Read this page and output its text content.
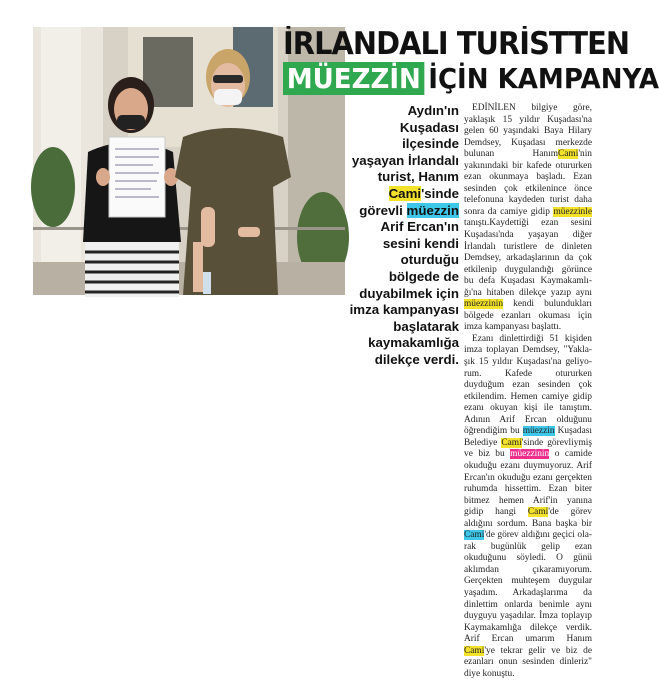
İRLANDALI TURİSTTEN
MÜEZZİN İÇİN KAMPANYA

Aydın'ın Kuşadası ilçesinde yaşayan İrlandalı turist, Hanım Cami'sinde görevli müezzin Arif Ercan'ın sesini kendi oturduğu bölgede de duyabilmek için imza kampanyası başlatarak kaymakamlığa dilekçe verdi.

EDİNİLEN bilgiye göre, yaklaşık 15 yıldır Kuşadası'na gelen 60 yaşındaki Baya Hilary Demdsey, Kuşadası merkezde bulunan HanımCami'nin yakınındaki bir kafede otururken ezan okunmaya başladı. Ezan sesinden çok etkilenince önce telefonuna kaydeden turist daha sonra da camiye gidip müezzinle tanıştı.Kaydettiği ezan sesini Kuşadası'nda yaşayan diğer İrlandalı turistlere de dinleten Demdsey, arkadaşlarının da çok etkilenip duygulandığı görünce bu defa Kuşadası Kaymakamlığı'na hitaben dilekçe yazıp aynı müezzinin kendi bulundukları bölgede ezanları okuması için imza kampanyası başlattı.

Ezanı dinlettirdiği 51 kişiden imza toplayan Demdsey, "Yaklaşık 15 yıldır Kuşadası'na geliyorum. Kafede otururken duyduğum ezan sesinden çok etkilendim. Hemen camiye gidip ezanı okuyan kişi ile tanıştım. Adının Arif Ercan olduğunu öğrendiğim bu müezzin Kuşadası Belediye Cami'sinde görevliymiş ve biz bu müezzinin o camide okuduğu ezanı duymuyoruz. Arif Ercan'ın okuduğu ezanı gerçekten ruhumda hissettim. Ezan biter bitmez hemen Arif'in yanına gidip hangi Cami'de görev aldığını sordum. Bana başka bir Cami'de görev aldığını geçici olarak bugünlük gelip ezan okuduğunu söyledi. O günü aklımdan çıkaramıyorum. Gerçekten muhteşem duygular yaşadım. Arkadaşlarıma da dinlettim onlarda benimle aynı duyguyu yaşadılar. İmza toplayıp Kaymakamlığa dilekçe verdik. Arif Ercan umarım Hanım Cami'ye tekrar gelir ve biz de ezanları onun sesinden dinleriz" diye konuştu.
